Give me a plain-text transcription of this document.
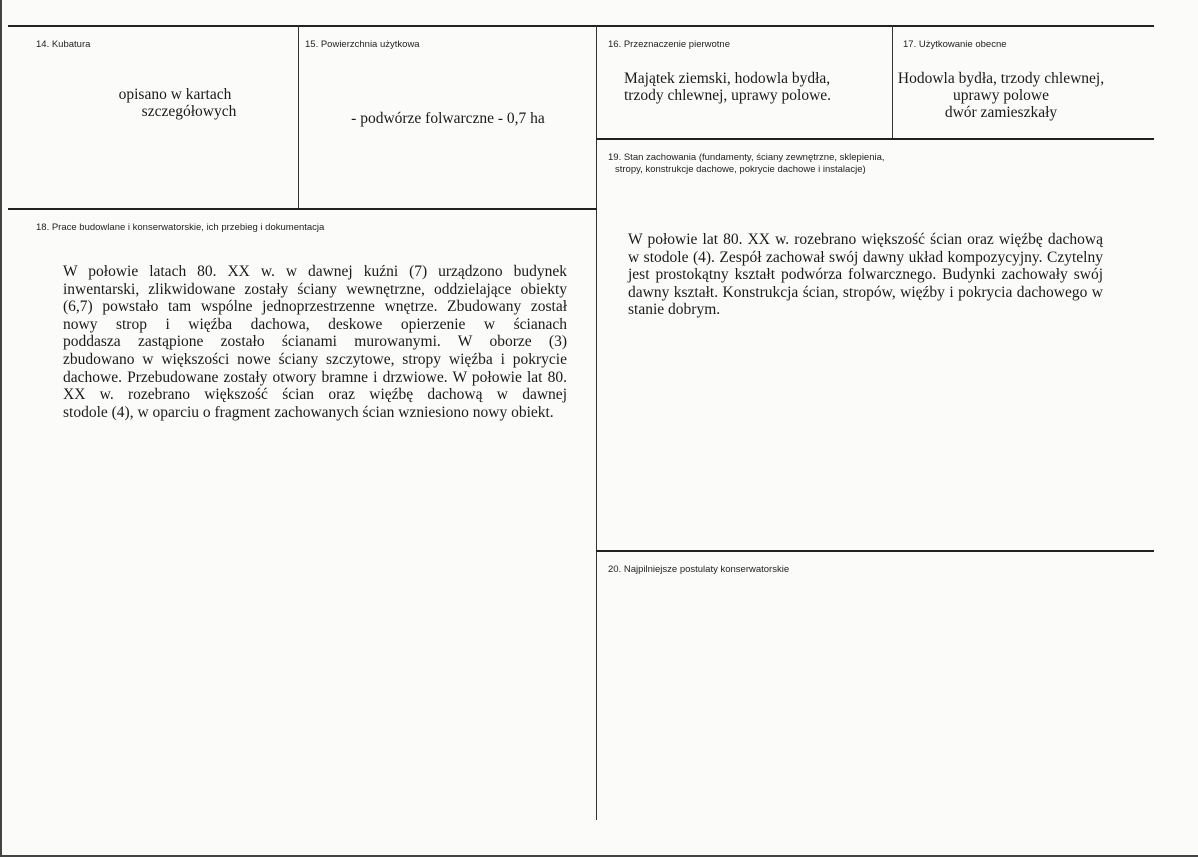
14. Kubatura
opisano w kartach
szczegółowych
15. Powierzchnia użytkowa
- podwórze folwarczne - 0,7 ha
16. Przeznaczenie pierwotne
Majątek ziemski, hodowla bydła,
trzody chlewnej, uprawy polowe.
17. Użytkowanie obecne
Hodowla bydła, trzody chlewnej,
uprawy polowe
dwór zamieszkały
18. Prace budowlane i konserwatorskie, ich przebieg i dokumentacja
W połowie latach 80. XX w. w dawnej kuźni (7) urządzono budynek
inwentarski, zlikwidowane zostały ściany wewnętrzne, oddzielające obiekty
(6,7) powstało tam wspólne jednoprzestrzenne wnętrze. Zbudowany został
nowy strop i więźba dachowa, deskowe opierzenie w ścianach
poddasza zastąpione zostało ścianami murowanymi. W oborze (3)
zbudowano w większości nowe ściany szczytowe, stropy więźba i pokrycie
dachowe. Przebudowane zostały otwory bramne i drzwiowe. W połowie lat 80.
XX w. rozebrano większość ścian oraz więźbę dachową w dawnej
stodole (4), w oparciu o fragment zachowanych ścian wzniesiono nowy obiekt.
19. Stan zachowania (fundamenty, ściany zewnętrzne, sklepienia,
stropy, konstrukcje dachowe, pokrycie dachowe i instalacje)
W połowie lat 80. XX w. rozebrano większość ścian oraz więźbę dachową
w stodole (4). Zespół zachował swój dawny układ kompozycyjny. Czytelny
jest prostokątny kształt podwórza folwarcznego. Budynki zachowały swój
dawny kształt. Konstrukcja ścian, stropów, więźby i pokrycia dachowego w
stanie dobrym.
20. Najpilniejsze postulaty konserwatorskie
